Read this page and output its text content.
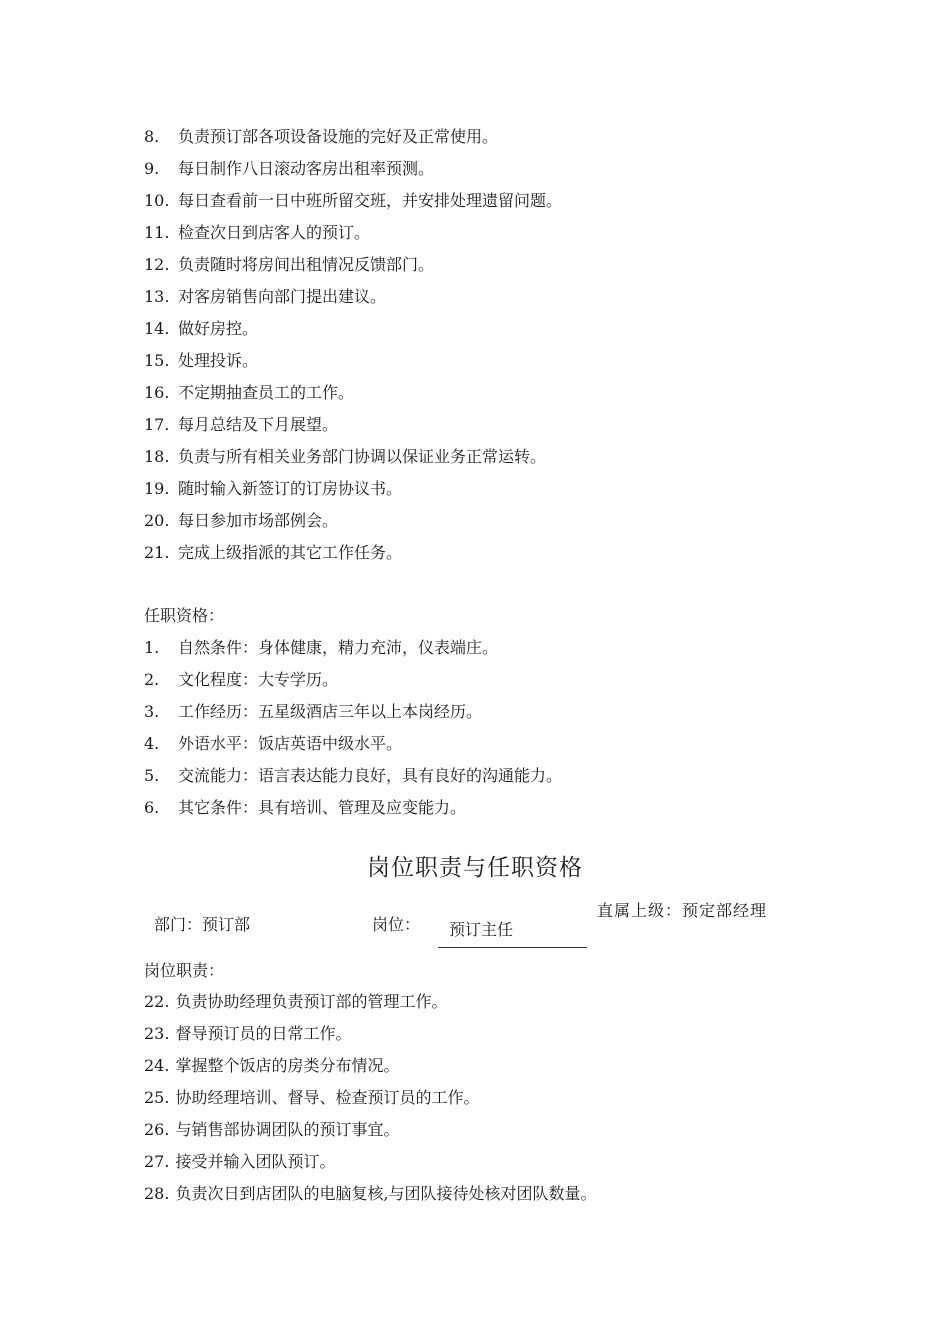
8. 负责预订部各项设备设施的完好及正常使用。
9. 每日制作八日滚动客房出租率预测。
10. 每日查看前一日中班所留交班，并安排处理遗留问题。
11. 检查次日到店客人的预订。
12. 负责随时将房间出租情况反馈部门。
13. 对客房销售向部门提出建议。
14. 做好房控。
15. 处理投诉。
16. 不定期抽查员工的工作。
17. 每月总结及下月展望。
18. 负责与所有相关业务部门协调以保证业务正常运转。
19. 随时输入新签订的订房协议书。
20. 每日参加市场部例会。
21. 完成上级指派的其它工作任务。
任职资格：
1. 自然条件：身体健康，精力充沛，仪表端庄。
2. 文化程度：大专学历。
3. 工作经历：五星级酒店三年以上本岗经历。
4. 外语水平：饭店英语中级水平。
5. 交流能力：语言表达能力良好，具有良好的沟通能力。
6. 其它条件：具有培训、管理及应变能力。
岗位职责与任职资格
部门：预订部	岗位： 预订主任
直属上级：预定部经理
岗位职责：
22. 负责协助经理负责预订部的管理工作。
23. 督导预订员的日常工作。
24. 掌握整个饭店的房类分布情况。
25. 协助经理培训、督导、检查预订员的工作。
26. 与销售部协调团队的预订事宜。
27. 接受并输入团队预订。
28. 负责次日到店团队的电脑复核,与团队接待处核对团队数量。
